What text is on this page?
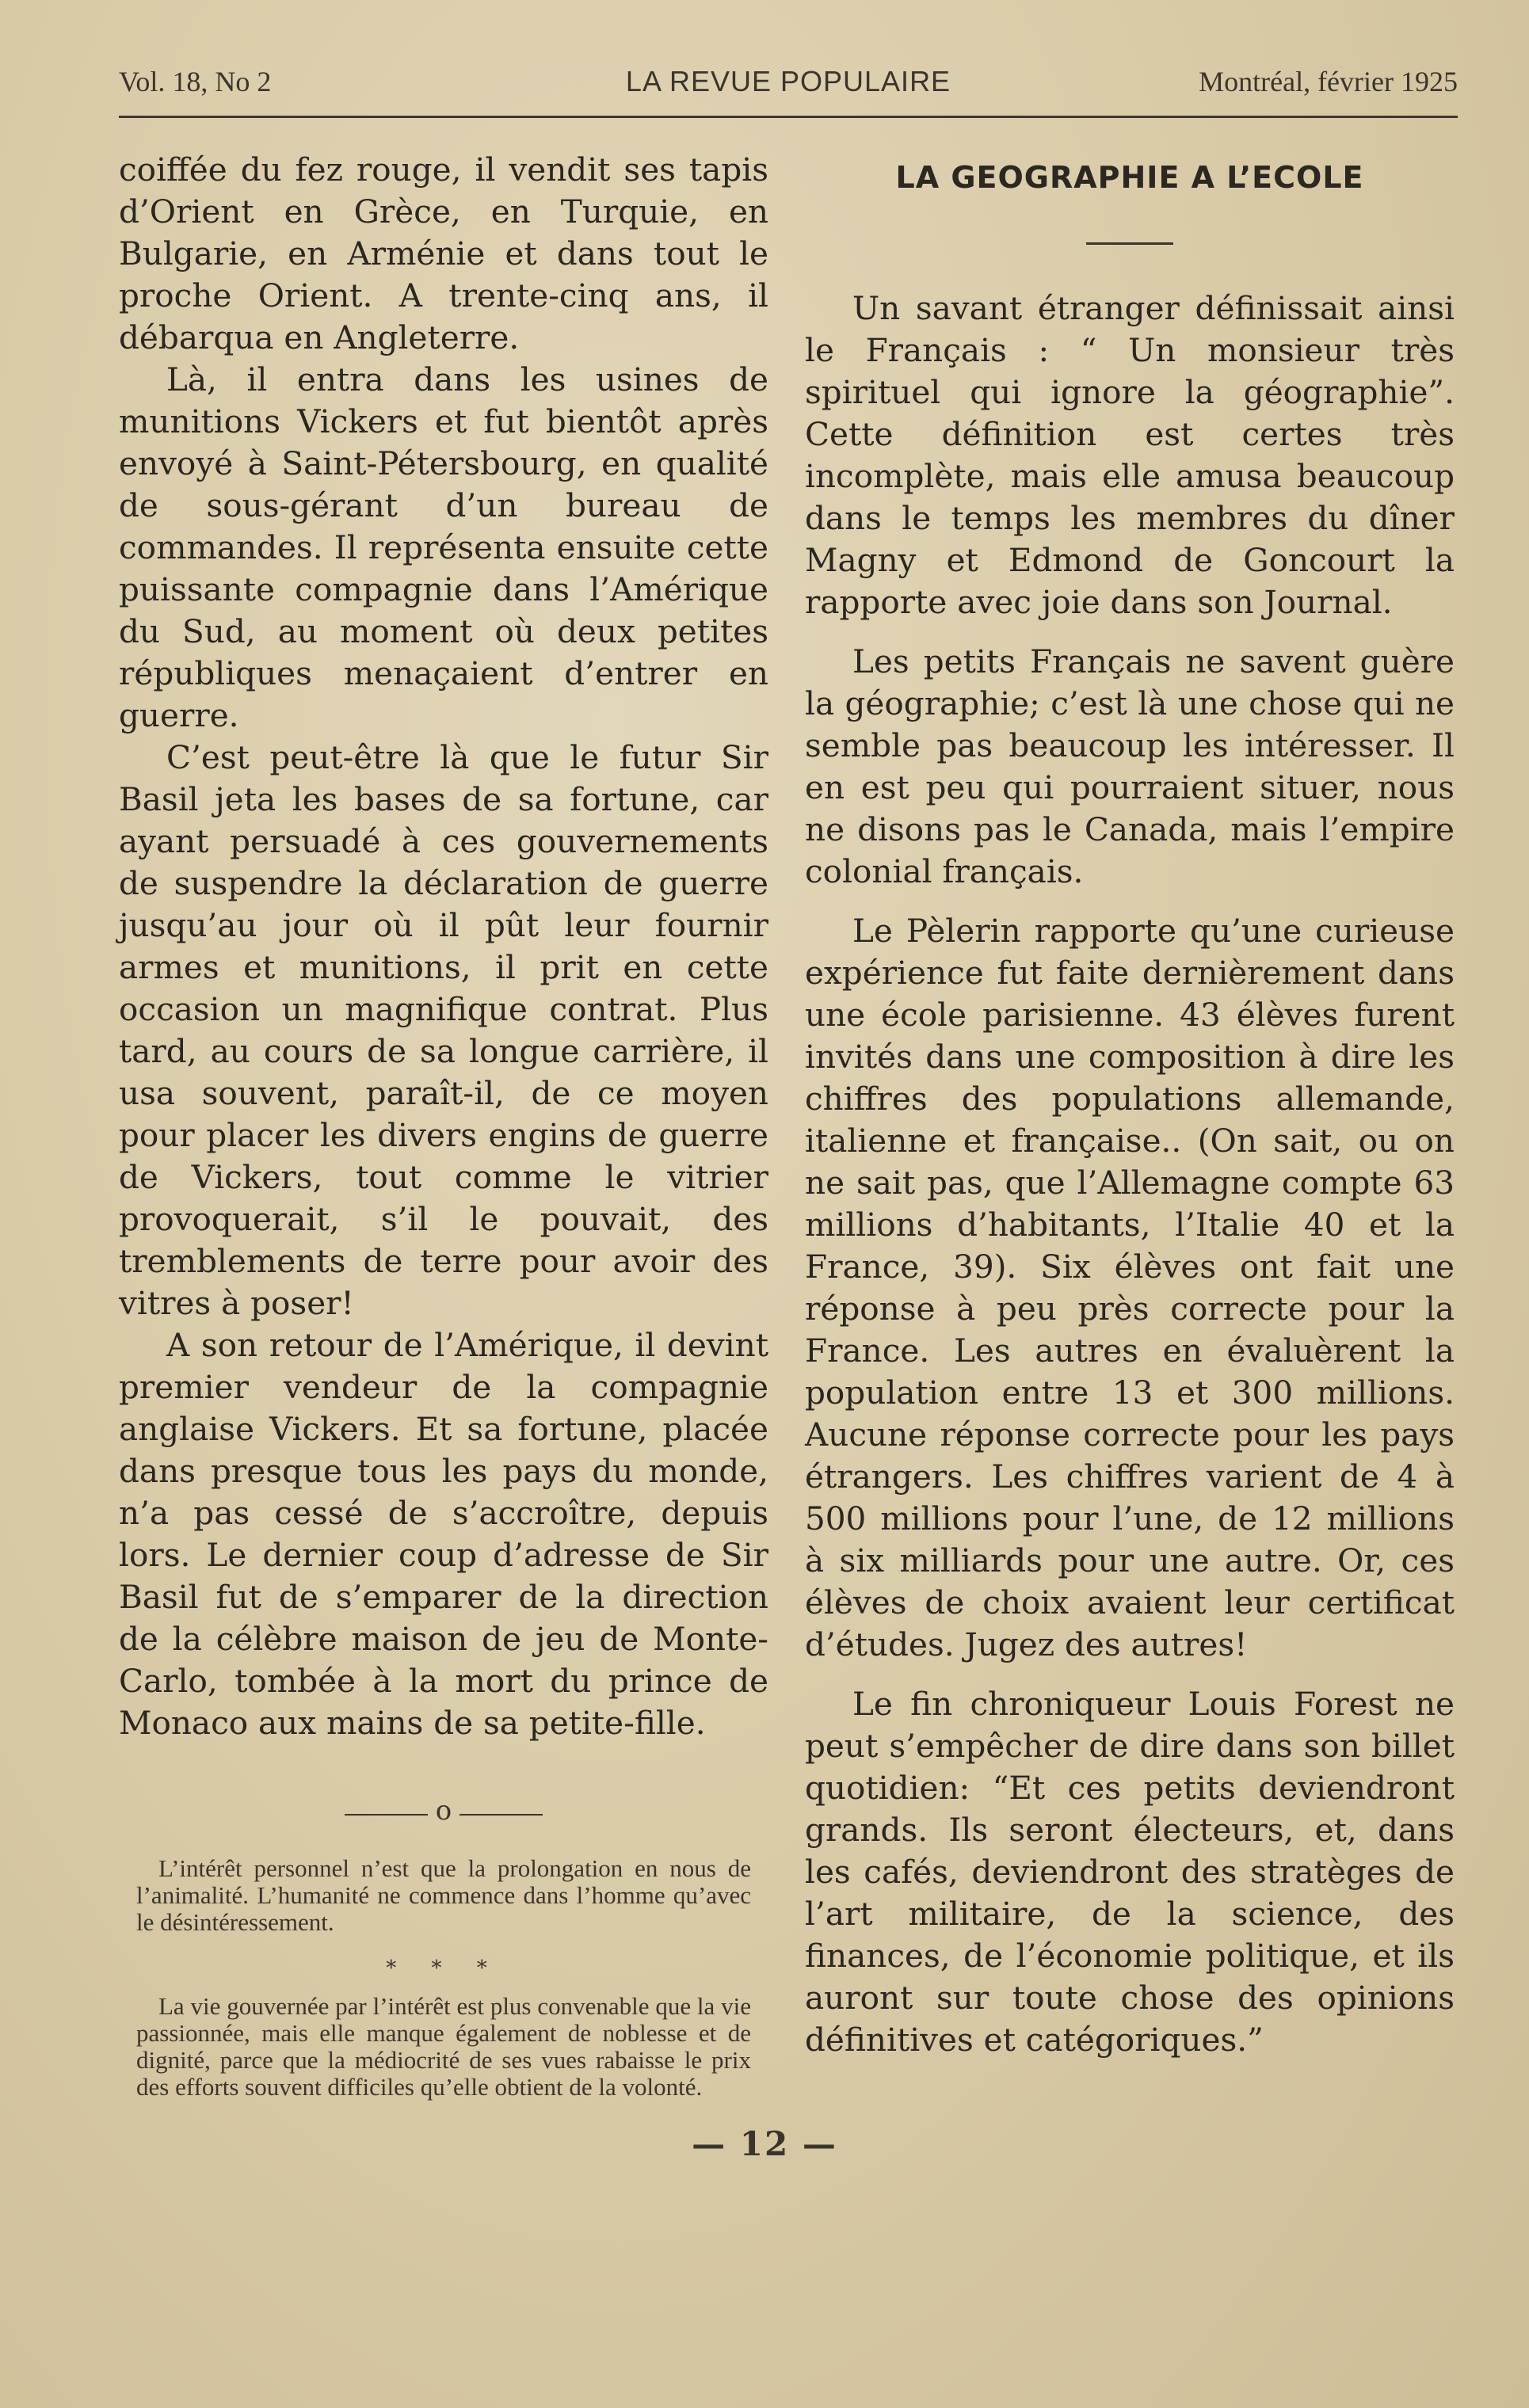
Vol. 18, No 2	LA REVUE POPULAIRE	Montréal, février 1925

coiffée du fez rouge, il vendit ses tapis d’Orient en Grèce, en Turquie, en Bulgarie, en Arménie et dans tout le proche Orient. A trente-cinq ans, il débarqua en Angleterre.

Là, il entra dans les usines de munitions Vickers et fut bientôt après envoyé à Saint-Pétersbourg, en qualité de sous-gérant d’un bureau de commandes. Il représenta ensuite cette puissante compagnie dans l’Amérique du Sud, au moment où deux petites républiques menaçaient d’entrer en guerre.

C’est peut-être là que le futur Sir Basil jeta les bases de sa fortune, car ayant persuadé à ces gouvernements de suspendre la déclaration de guerre jusqu’au jour où il pût leur fournir armes et munitions, il prit en cette occasion un magnifique contrat. Plus tard, au cours de sa longue carrière, il usa souvent, paraît-il, de ce moyen pour placer les divers engins de guerre de Vickers, tout comme le vitrier provoquerait, s’il le pouvait, des tremblements de terre pour avoir des vitres à poser!

A son retour de l’Amérique, il devint premier vendeur de la compagnie anglaise Vickers. Et sa fortune, placée dans presque tous les pays du monde, n’a pas cessé de s’accroître, depuis lors. Le dernier coup d’adresse de Sir Basil fut de s’emparer de la direction de la célèbre maison de jeu de Monte-Carlo, tombée à la mort du prince de Monaco aux mains de sa petite-fille.

o

L’intérêt personnel n’est que la prolongation en nous de l’animalité. L’humanité ne commence dans l’homme qu’avec le désintéressement.

* * *

La vie gouvernée par l’intérêt est plus convenable que la vie passionnée, mais elle manque également de noblesse et de dignité, parce que la médiocrité de ses vues rabaisse le prix des efforts souvent difficiles qu’elle obtient de la volonté.

LA GEOGRAPHIE A L’ECOLE

Un savant étranger définissait ainsi le Français : “ Un monsieur très spirituel qui ignore la géographie”. Cette définition est certes très incomplète, mais elle amusa beaucoup dans le temps les membres du dîner Magny et Edmond de Goncourt la rapporte avec joie dans son Journal.

Les petits Français ne savent guère la géographie; c’est là une chose qui ne semble pas beaucoup les intéresser. Il en est peu qui pourraient situer, nous ne disons pas le Canada, mais l’empire colonial français.

Le Pèlerin rapporte qu’une curieuse expérience fut faite dernièrement dans une école parisienne. 43 élèves furent invités dans une composition à dire les chiffres des populations allemande, italienne et française.. (On sait, ou on ne sait pas, que l’Allemagne compte 63 millions d’habitants, l’Italie 40 et la France, 39). Six élèves ont fait une réponse à peu près correcte pour la France. Les autres en évaluèrent la population entre 13 et 300 millions. Aucune réponse correcte pour les pays étrangers. Les chiffres varient de 4 à 500 millions pour l’une, de 12 millions à six milliards pour une autre. Or, ces élèves de choix avaient leur certificat d’études. Jugez des autres!

Le fin chroniqueur Louis Forest ne peut s’empêcher de dire dans son billet quotidien: “Et ces petits deviendront grands. Ils seront électeurs, et, dans les cafés, deviendront des stratèges de l’art militaire, de la science, des finances, de l’économie politique, et ils auront sur toute chose des opinions définitives et catégoriques.”

— 12 —
